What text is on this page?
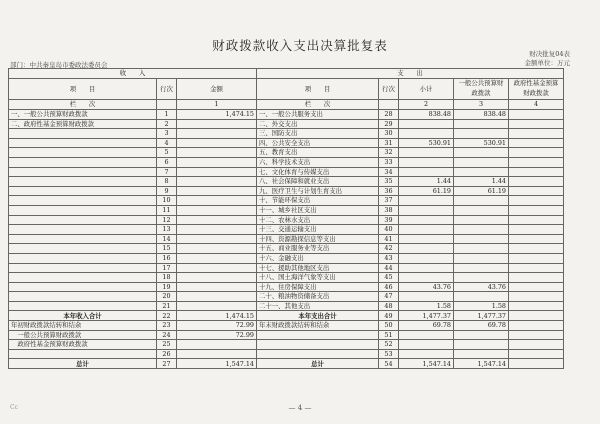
财政拨款收入支出决算批复表
财决批复04表
部门：中共秦皇岛市委政法委员会	金额单位：万元
收　　入			支　　出				
项　　目	行次	金额	项　　目	行次	小计	一般公共预算财政拨款	政府性基金预算财政拨款
栏　　次		1	栏　　次		2	3	4
一、一般公共预算财政拨款	1	1,474.15	一、一般公共服务支出	28	838.48	838.48	
二、政府性基金预算财政拨款	2		二、外交支出	29			
	3		三、国防支出	30			
	4		四、公共安全支出	31	530.91	530.91	
	5		五、教育支出	32			
	6		六、科学技术支出	33			
	7		七、文化体育与传媒支出	34			
	8		八、社会保障和就业支出	35	1.44	1.44	
	9		九、医疗卫生与计划生育支出	36	61.19	61.19	
	10		十、节能环保支出	37			
	11		十一、城乡社区支出	38			
	12		十二、农林水支出	39			
	13		十三、交通运输支出	40			
	14		十四、资源勘探信息等支出	41			
	15		十五、商业服务业等支出	42			
	16		十六、金融支出	43			
	17		十七、援助其他地区支出	44			
	18		十八、国土海洋气象等支出	45			
	19		十九、住房保障支出	46	43.76	43.76	
	20		二十、粮油物资储备支出	47			
	21		二十一、其他支出	48	1.58	1.58	
本年收入合计	22	1,474.15	本年支出合计	49	1,477.37	1,477.37	
年初财政拨款结转和结余	23	72.99	年末财政拨款结转和结余	50	69.78	69.78	
　一般公共预算财政拨款	24	72.99		51			
　政府性基金预算财政拨款	25			52			
	26			53			
总计	27	1,547.14	总计	54	1,547.14	1,547.14	
— 4 —
Cc
